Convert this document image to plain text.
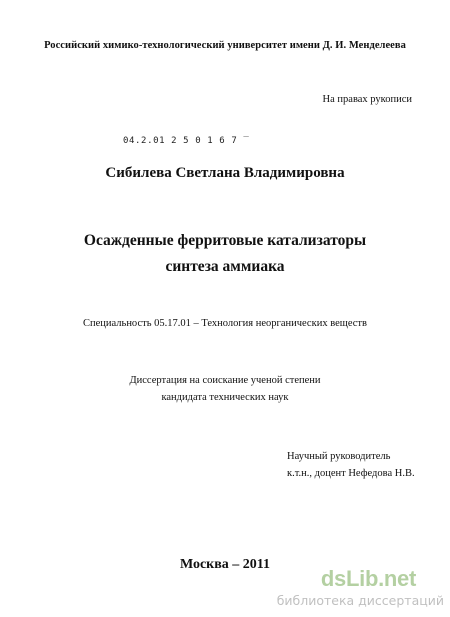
Российский химико-технологический университет имени Д. И. Менделеева
На правах рукописи
04.2.01 2 5 0 1 6 7 ‾
Сибилева Светлана Владимировна
Осажденные ферритовые катализаторы
синтеза аммиака
Специальность 05.17.01 – Технология неорганических веществ
Диссертация на соискание ученой степени
кандидата технических наук
Научный руководитель
к.т.н., доцент Нефедова Н.В.
Москва – 2011
dsLib.net
библиотека диссертаций
